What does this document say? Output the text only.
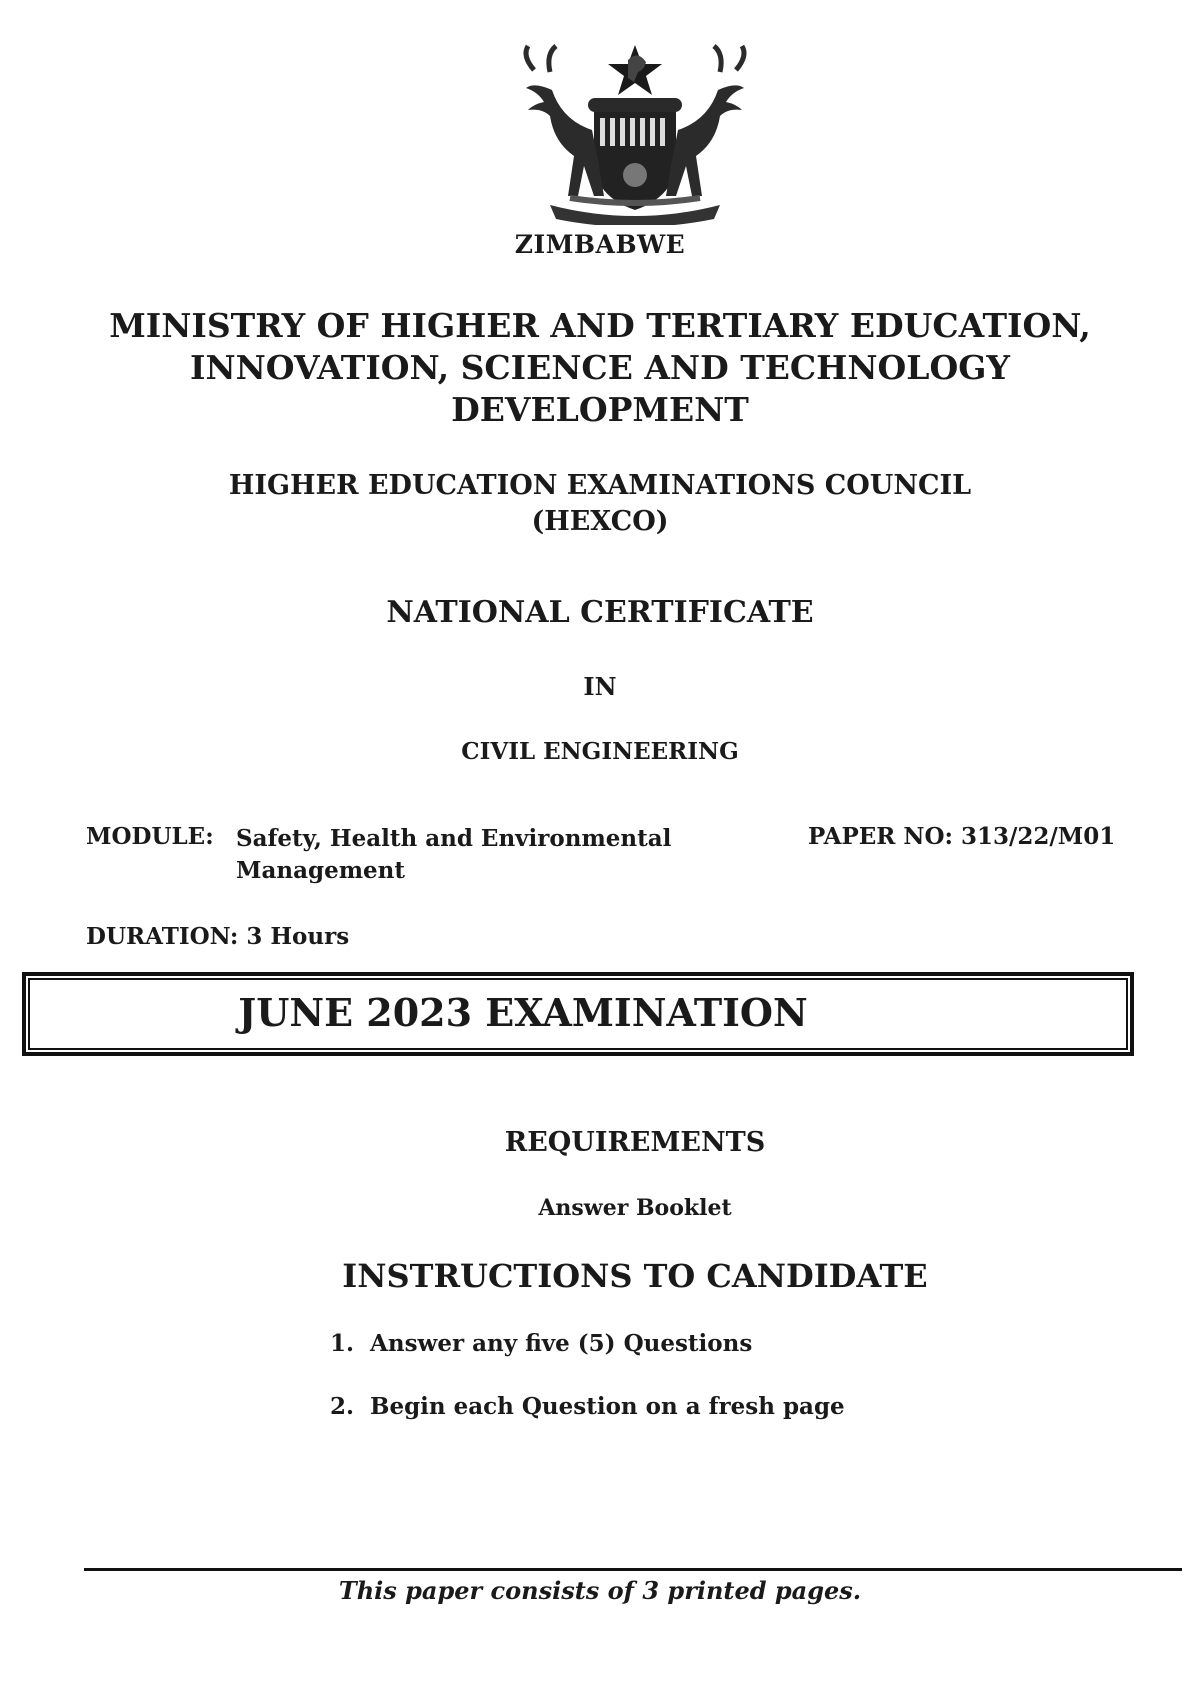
ZIMBABWE
MINISTRY OF HIGHER AND TERTIARY EDUCATION,
INNOVATION, SCIENCE AND TECHNOLOGY
DEVELOPMENT
HIGHER EDUCATION EXAMINATIONS COUNCIL
(HEXCO)
NATIONAL CERTIFICATE
IN
CIVIL ENGINEERING
MODULE: Safety, Health and Environmental
Management
PAPER NO: 313/22/M01
DURATION: 3 Hours
JUNE 2023 EXAMINATION
REQUIREMENTS
Answer Booklet
INSTRUCTIONS TO CANDIDATE
1. Answer any five (5) Questions
2. Begin each Question on a fresh page
This paper consists of 3 printed pages.
